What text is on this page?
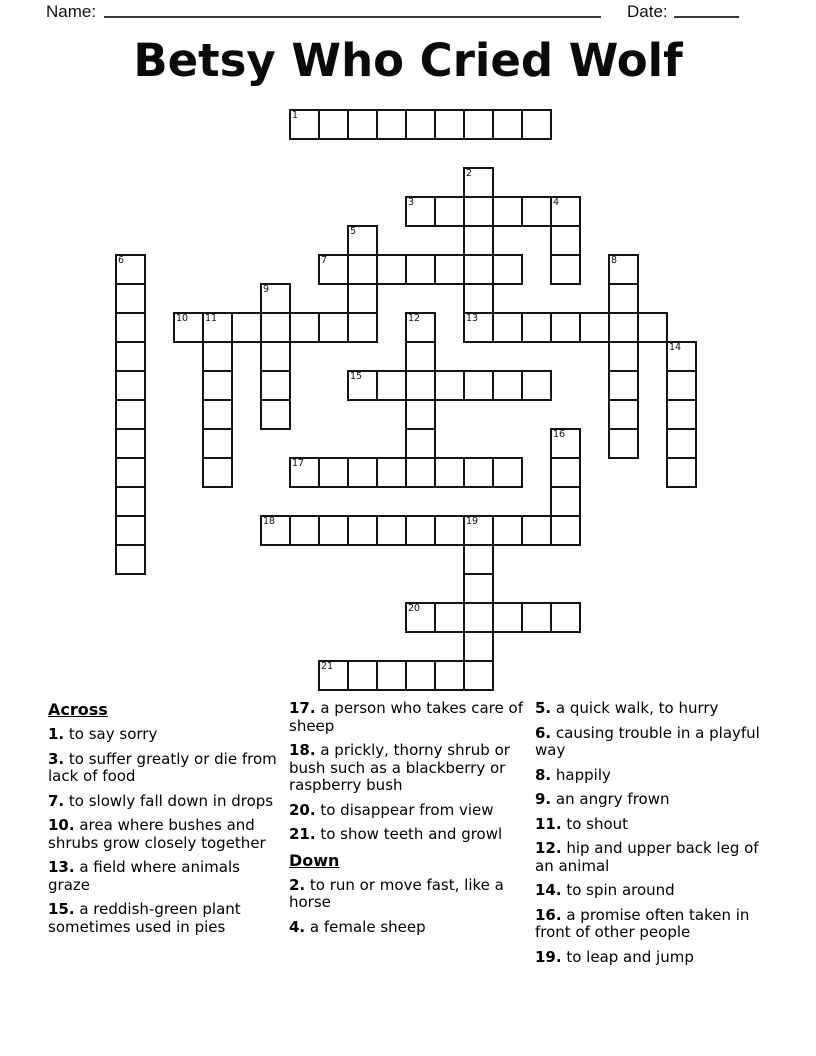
Name:	Date:
Betsy Who Cried Wolf
1
2
3	4
5
6	7	8
9
10 11	12	13
14
15
16
17
18	19
20
21
Across
1. to say sorry
3. to suffer greatly or die from lack of food
7. to slowly fall down in drops
10. area where bushes and shrubs grow closely together
13. a field where animals graze
15. a reddish-green plant sometimes used in pies
17. a person who takes care of sheep
18. a prickly, thorny shrub or bush such as a blackberry or raspberry bush
20. to disappear from view
21. to show teeth and growl
Down
2. to run or move fast, like a horse
4. a female sheep
5. a quick walk, to hurry
6. causing trouble in a playful way
8. happily
9. an angry frown
11. to shout
12. hip and upper back leg of an animal
14. to spin around
16. a promise often taken in front of other people
19. to leap and jump
